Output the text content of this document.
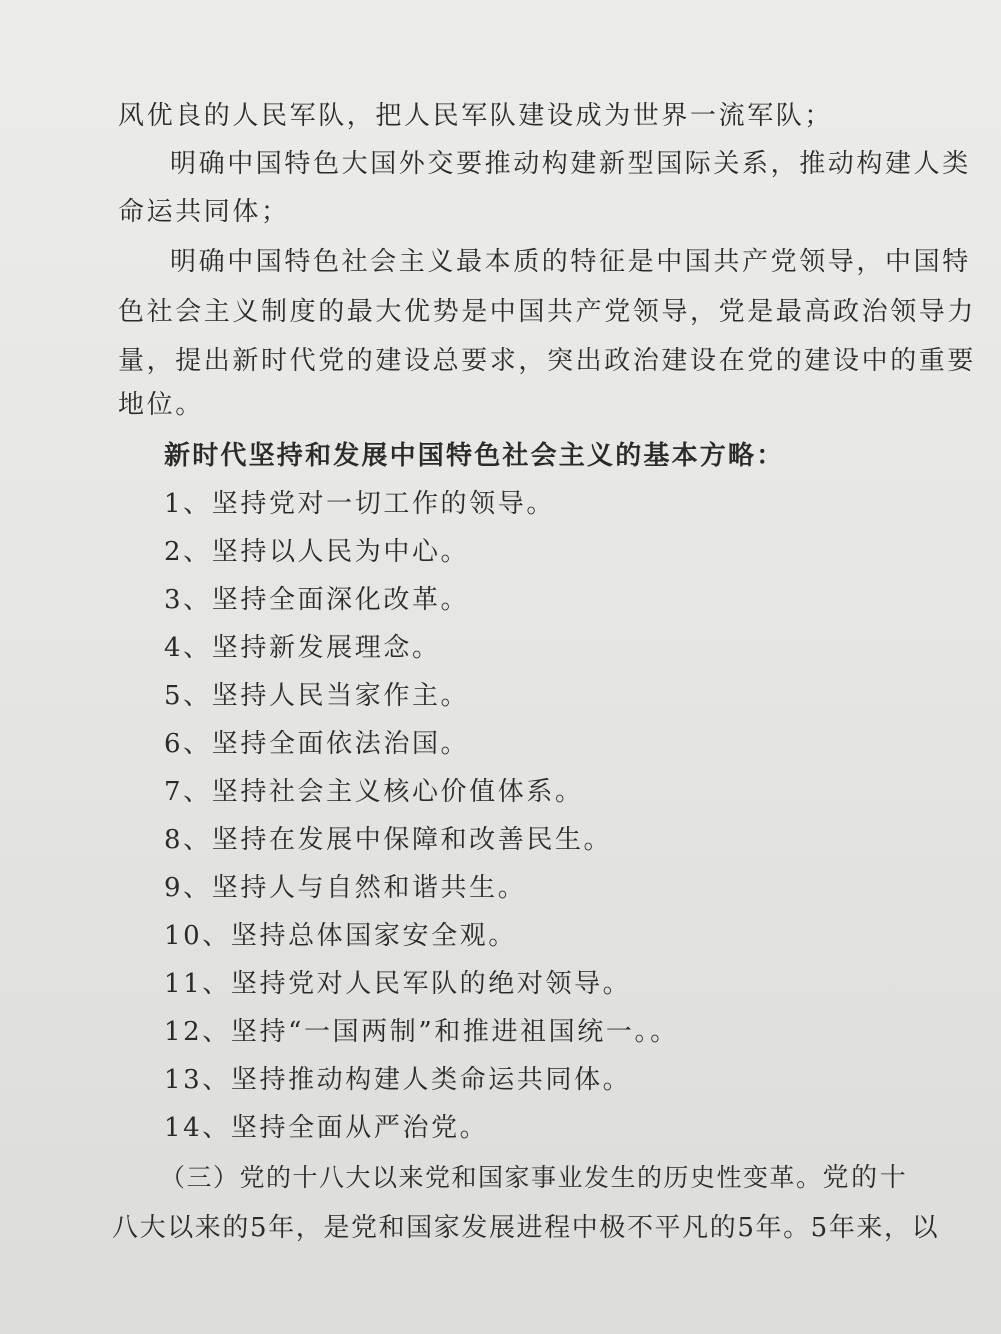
风优良的人民军队，把人民军队建设成为世界一流军队；
明确中国特色大国外交要推动构建新型国际关系，推动构建人类
命运共同体；
明确中国特色社会主义最本质的特征是中国共产党领导，中国特
色社会主义制度的最大优势是中国共产党领导，党是最高政治领导力
量，提出新时代党的建设总要求，突出政治建设在党的建设中的重要
地位。
新时代坚持和发展中国特色社会主义的基本方略：
1、坚持党对一切工作的领导。
2、坚持以人民为中心。
3、坚持全面深化改革。
4、坚持新发展理念。
5、坚持人民当家作主。
6、坚持全面依法治国。
7、坚持社会主义核心价值体系。
8、坚持在发展中保障和改善民生。
9、坚持人与自然和谐共生。
10、坚持总体国家安全观。
11、坚持党对人民军队的绝对领导。
12、坚持“一国两制”和推进祖国统一。。
13、坚持推动构建人类命运共同体。
14、坚持全面从严治党。
（三）党的十八大以来党和国家事业发生的历史性变革。党的十
八大以来的5年，是党和国家发展进程中极不平凡的5年。5年来，以
